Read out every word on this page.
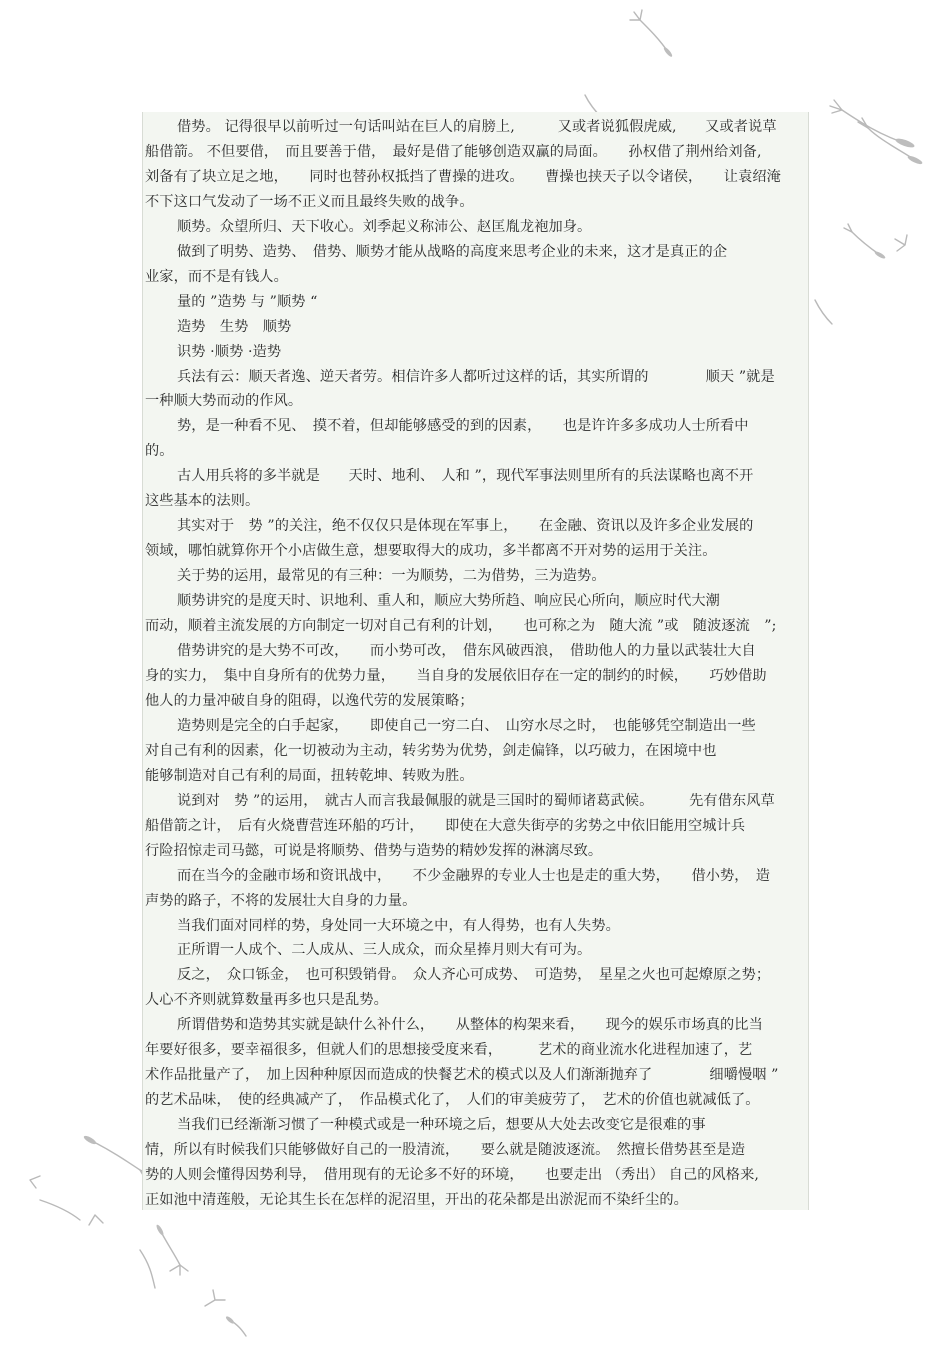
借势。 记得很早以前听过一句话叫站在巨人的肩膀上,　　　又或者说狐假虎威,　　又或者说草

船借箭。 不但要借，　而且要善于借，　最好是借了能够创造双赢的局面。　　孙权借了荆州给刘备,

刘备有了块立足之地，　　同时也替孙权抵挡了曹操的进攻。　　曹操也挟天子以令诸侯，　　让袁绍淹

不下这口气发动了一场不正义而且最终失败的战争。

顺势。众望所归、天下收心。刘季起义称沛公、赵匡胤龙袍加身。

做到了明势、造势、　借势、顺势才能从战略的高度来思考企业的未来，这才是真正的企

业家，而不是有钱人。

量的 ”造势 与 ”顺势 “

造势　生势　顺势

识势 ·顺势 ·造势

兵法有云：顺天者逸、逆天者劳。相信许多人都听过这样的话，其实所谓的　　　　顺天 ”就是

一种顺大势而动的作风。

势，是一种看不见、　摸不着，但却能够感受的到的因素，　　也是许许多多成功人士所看中

的。

古人用兵将的多半就是　　天时、地利、　人和 ”，现代军事法则里所有的兵法谋略也离不开

这些基本的法则。

其实对于　势 ”的关注，绝不仅仅只是体现在军事上，　　在金融、资讯以及许多企业发展的

领域，哪怕就算你开个小店做生意，想要取得大的成功，多半都离不开对势的运用于关注。

关于势的运用，最常见的有三种：一为顺势，二为借势，三为造势。

顺势讲究的是度天时、识地利、重人和，顺应大势所趋、响应民心所向，顺应时代大潮

而动，顺着主流发展的方向制定一切对自己有利的计划，　　也可称之为　随大流 ”或　随波逐流　”;

借势讲究的是大势不可改，　　而小势可改，　借东风破西浪，　借助他人的力量以武装壮大自

身的实力，　集中自身所有的优势力量，　　当自身的发展依旧存在一定的制约的时候，　　巧妙借助

他人的力量冲破自身的阻碍，以逸代劳的发展策略；

造势则是完全的白手起家，　　即使自己一穷二白、　山穷水尽之时，　也能够凭空制造出一些

对自己有利的因素，化一切被动为主动，转劣势为优势，剑走偏锋，以巧破力，在困境中也

能够制造对自己有利的局面，扭转乾坤、转败为胜。

说到对　势 ”的运用，　就古人而言我最佩服的就是三国时的蜀师诸葛武候。　　　先有借东风草

船借箭之计，　后有火烧曹营连环船的巧计，　　即使在大意失街亭的劣势之中依旧能用空城计兵

行险招惊走司马懿，可说是将顺势、借势与造势的精妙发挥的淋漓尽致。

而在当今的金融市场和资讯战中，　　不少金融界的专业人士也是走的重大势，　　借小势，　造

声势的路子，不将的发展壮大自身的力量。

当我们面对同样的势，身处同一大环境之中，有人得势，也有人失势。

正所谓一人成个、二人成从、三人成众，而众星捧月则大有可为。

反之，　众口铄金，　也可积毁销骨。　众人齐心可成势、　可造势，　星星之火也可起燎原之势；

人心不齐则就算数量再多也只是乱势。

所谓借势和造势其实就是缺什么补什么，　　从整体的构架来看，　　现今的娱乐市场真的比当

年要好很多，要幸福很多，但就人们的思想接受度来看，　　　艺术的商业流水化进程加速了，艺

术作品批量产了，　加上因种种原因而造成的快餐艺术的模式以及人们渐渐抛弃了　　　　细嚼慢咽 ”

的艺术品味，　使的经典减产了，　作品模式化了，　人们的审美疲劳了，　艺术的价值也就减低了。

当我们已经渐渐习惯了一种模式或是一种环境之后，想要从大处去改变它是很难的事

情，所以有时候我们只能够做好自己的一股清流，　　要么就是随波逐流。　然擅长借势甚至是造

势的人则会懂得因势利导，　借用现有的无论多不好的环境，　　也要走出 （秀出） 自己的风格来,

正如池中清莲般，无论其生长在怎样的泥沼里，开出的花朵都是出淤泥而不染纤尘的。
